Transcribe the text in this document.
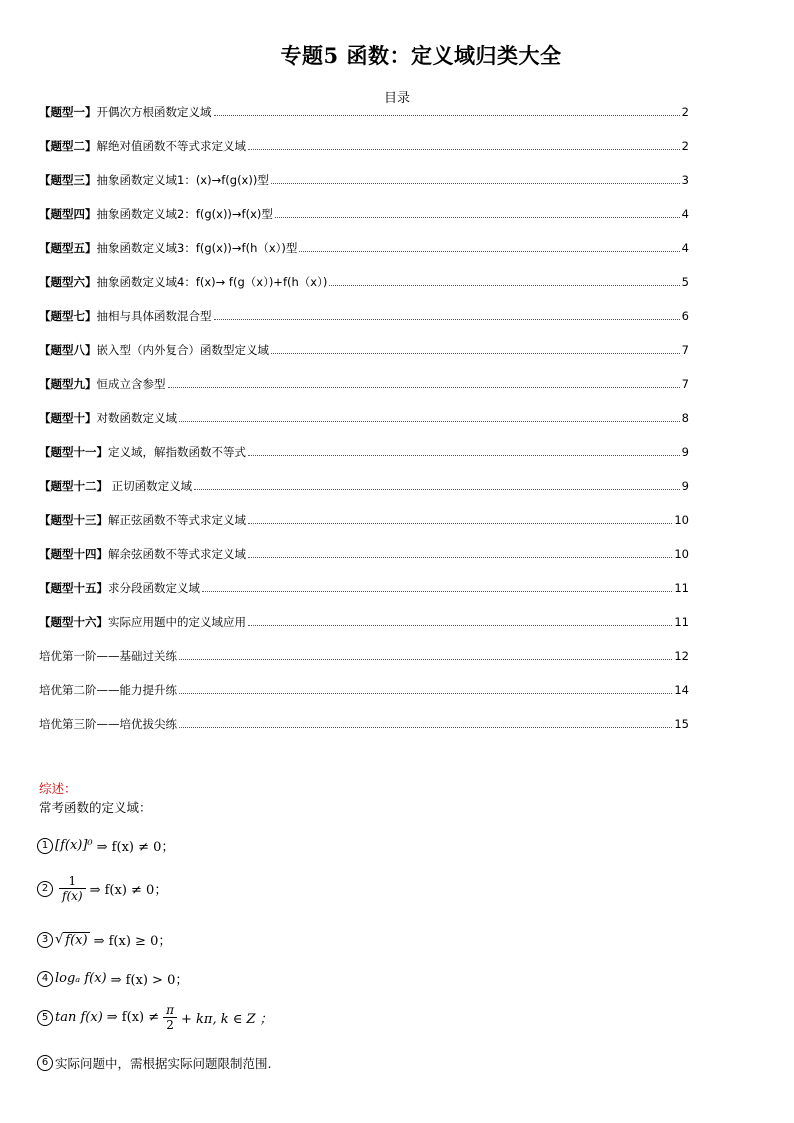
专题5 函数：定义域归类大全
目录
【题型一】开偶次方根函数定义域	2
【题型二】解绝对值函数不等式求定义域	2
【题型三】抽象函数定义域1：(x)→f(g(x))型	3
【题型四】抽象函数定义域2：f(g(x))→f(x)型	4
【题型五】抽象函数定义域3：f(g(x))→f(h（x）)型	4
【题型六】抽象函数定义域4：f(x)→ f(g（x）)+f(h（x）)	5
【题型七】抽相与具体函数混合型	6
【题型八】嵌入型（内外复合）函数型定义域	7
【题型九】恒成立含参型	7
【题型十】对数函数定义域	8
【题型十一】定义域，解指数函数不等式	9
【题型十二】 正切函数定义域	9
【题型十三】解正弦函数不等式求定义域	10
【题型十四】解余弦函数不等式求定义域	10
【题型十五】求分段函数定义域	11
【题型十六】实际应用题中的定义域应用	11
培优第一阶——基础过关练	12
培优第二阶——能力提升练	14
培优第三阶——培优拔尖练	15
综述：
常考函数的定义域：
1 [f(x)]⁰ ⇒ f(x) ≠ 0；
$2 \frac{1}{f(x)}$ ⇒ f(x) ≠ 0；
3 √ f(x) ⇒ f(x) ≥ 0；
4 logₐ f(x) ⇒ f(x) > 0；
5 tan f(x) ⇒ $f(x) \ne \frac{\pi}{2} + k\pi$, k ∈ Z ；
6 实际问题中，需根据实际问题限制范围.
